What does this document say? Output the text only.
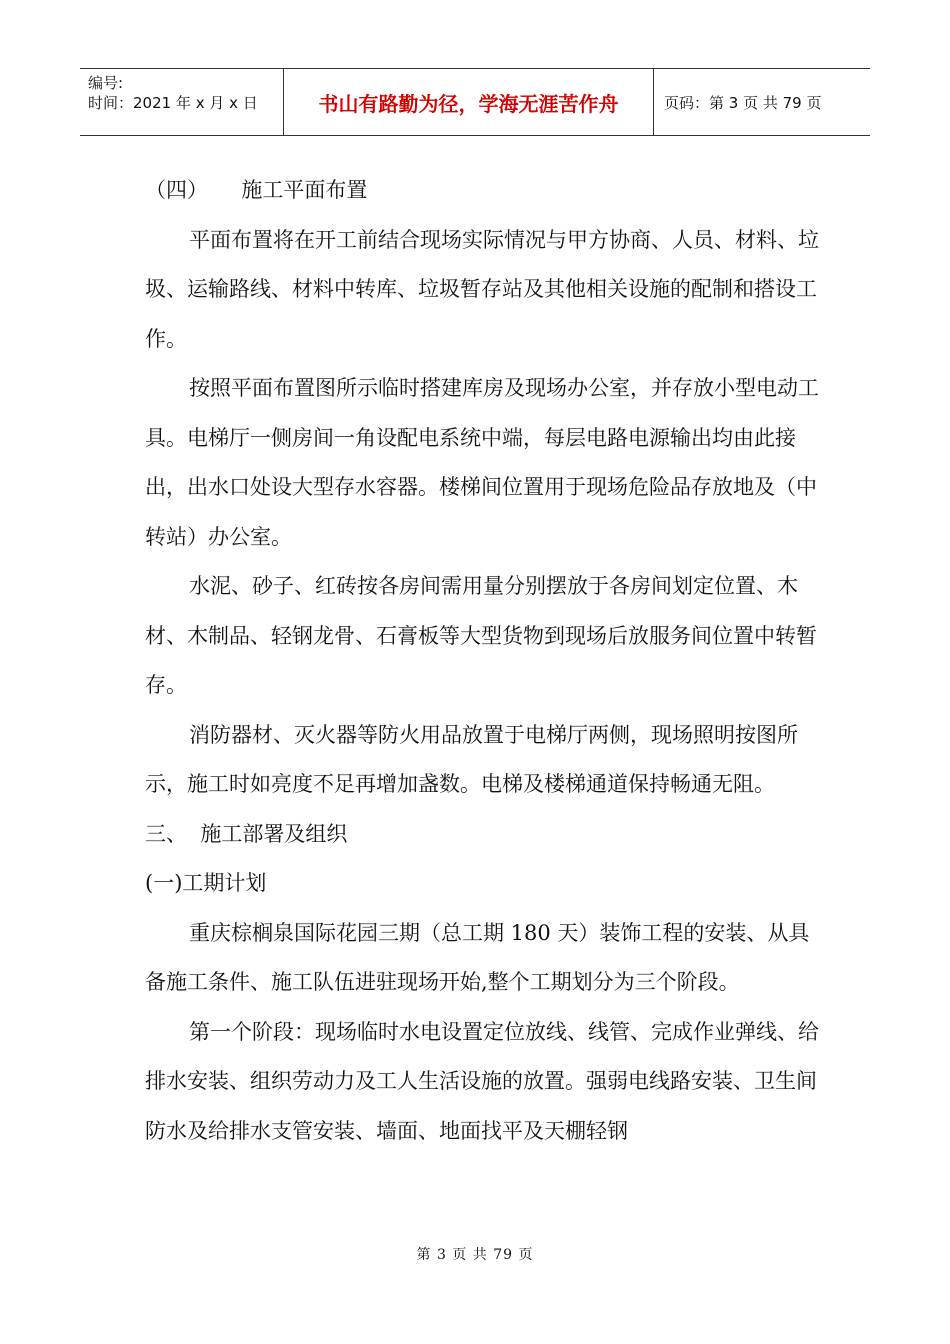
编号:
时间：2021 年 x 月 x 日	书山有路勤为径，学海无涯苦作舟	页码：第 3 页 共 79 页

（四）     施工平面布置

平面布置将在开工前结合现场实际情况与甲方协商、人员、材料、垃圾、运输路线、材料中转库、垃圾暂存站及其他相关设施的配制和搭设工作。

按照平面布置图所示临时搭建库房及现场办公室，并存放小型电动工具。电梯厅一侧房间一角设配电系统中端，每层电路电源输出均由此接出，出水口处设大型存水容器。楼梯间位置用于现场危险品存放地及（中转站）办公室。

水泥、砂子、红砖按各房间需用量分别摆放于各房间划定位置、木材、木制品、轻钢龙骨、石膏板等大型货物到现场后放服务间位置中转暂存。

消防器材、灭火器等防火用品放置于电梯厅两侧，现场照明按图所示，施工时如亮度不足再增加盏数。电梯及楼梯通道保持畅通无阻。

三、  施工部署及组织

(一)工期计划

重庆棕榈泉国际花园三期（总工期 180 天）装饰工程的安装、从具备施工条件、施工队伍进驻现场开始,整个工期划分为三个阶段。

第一个阶段：现场临时水电设置定位放线、线管、完成作业弹线、给排水安装、组织劳动力及工人生活设施的放置。强弱电线路安装、卫生间防水及给排水支管安装、墙面、地面找平及天棚轻钢

第 3 页 共 79 页
